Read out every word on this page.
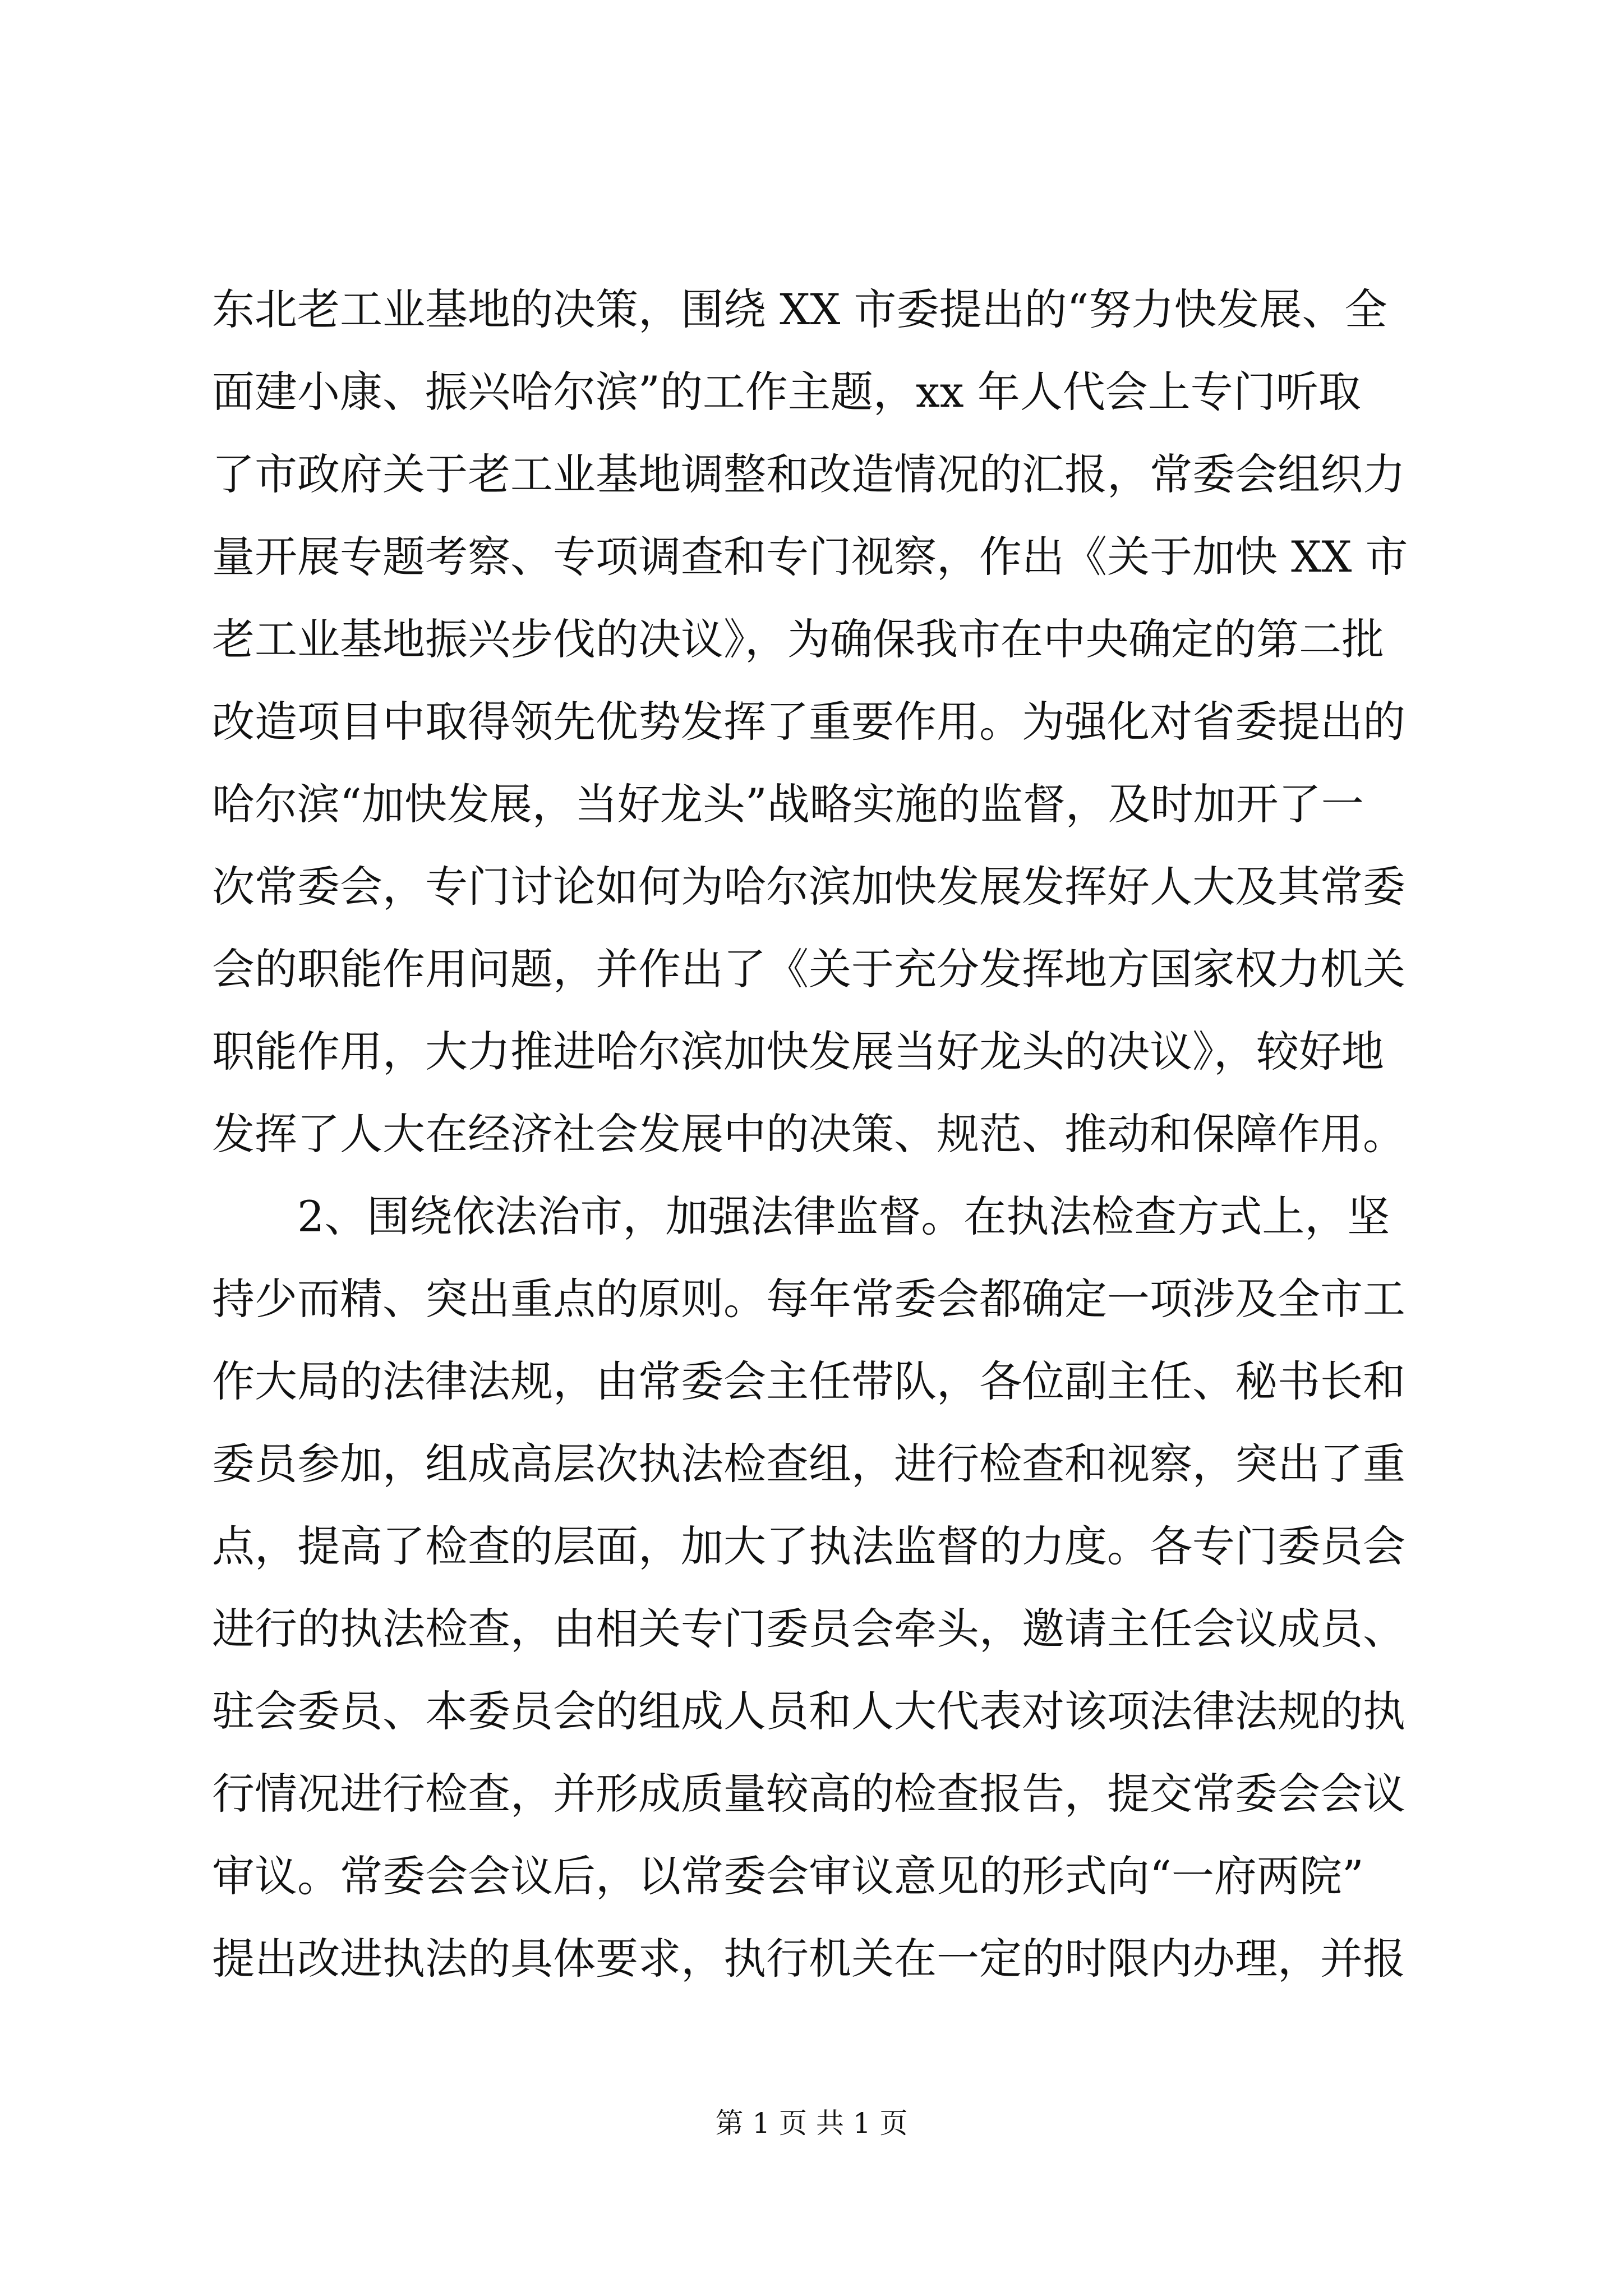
东北老工业基地的决策，围绕 XX 市委提出的“努力快发展、全
面建小康、振兴哈尔滨”的工作主题，xx 年人代会上专门听取
了市政府关于老工业基地调整和改造情况的汇报，常委会组织力
量开展专题考察、专项调查和专门视察，作出《关于加快 XX 市
老工业基地振兴步伐的决议》，为确保我市在中央确定的第二批
改造项目中取得领先优势发挥了重要作用。为强化对省委提出的
哈尔滨“加快发展，当好龙头”战略实施的监督，及时加开了一
次常委会，专门讨论如何为哈尔滨加快发展发挥好人大及其常委
会的职能作用问题，并作出了《关于充分发挥地方国家权力机关
职能作用，大力推进哈尔滨加快发展当好龙头的决议》，较好地
发挥了人大在经济社会发展中的决策、规范、推动和保障作用。
　　2、围绕依法治市，加强法律监督。在执法检查方式上，坚
持少而精、突出重点的原则。每年常委会都确定一项涉及全市工
作大局的法律法规，由常委会主任带队，各位副主任、秘书长和
委员参加，组成高层次执法检查组，进行检查和视察，突出了重
点，提高了检查的层面，加大了执法监督的力度。各专门委员会
进行的执法检查，由相关专门委员会牵头，邀请主任会议成员、
驻会委员、本委员会的组成人员和人大代表对该项法律法规的执
行情况进行检查，并形成质量较高的检查报告，提交常委会会议
审议。常委会会议后，以常委会审议意见的形式向“一府两院”
提出改进执法的具体要求，执行机关在一定的时限内办理，并报
第 1 页 共 1 页
